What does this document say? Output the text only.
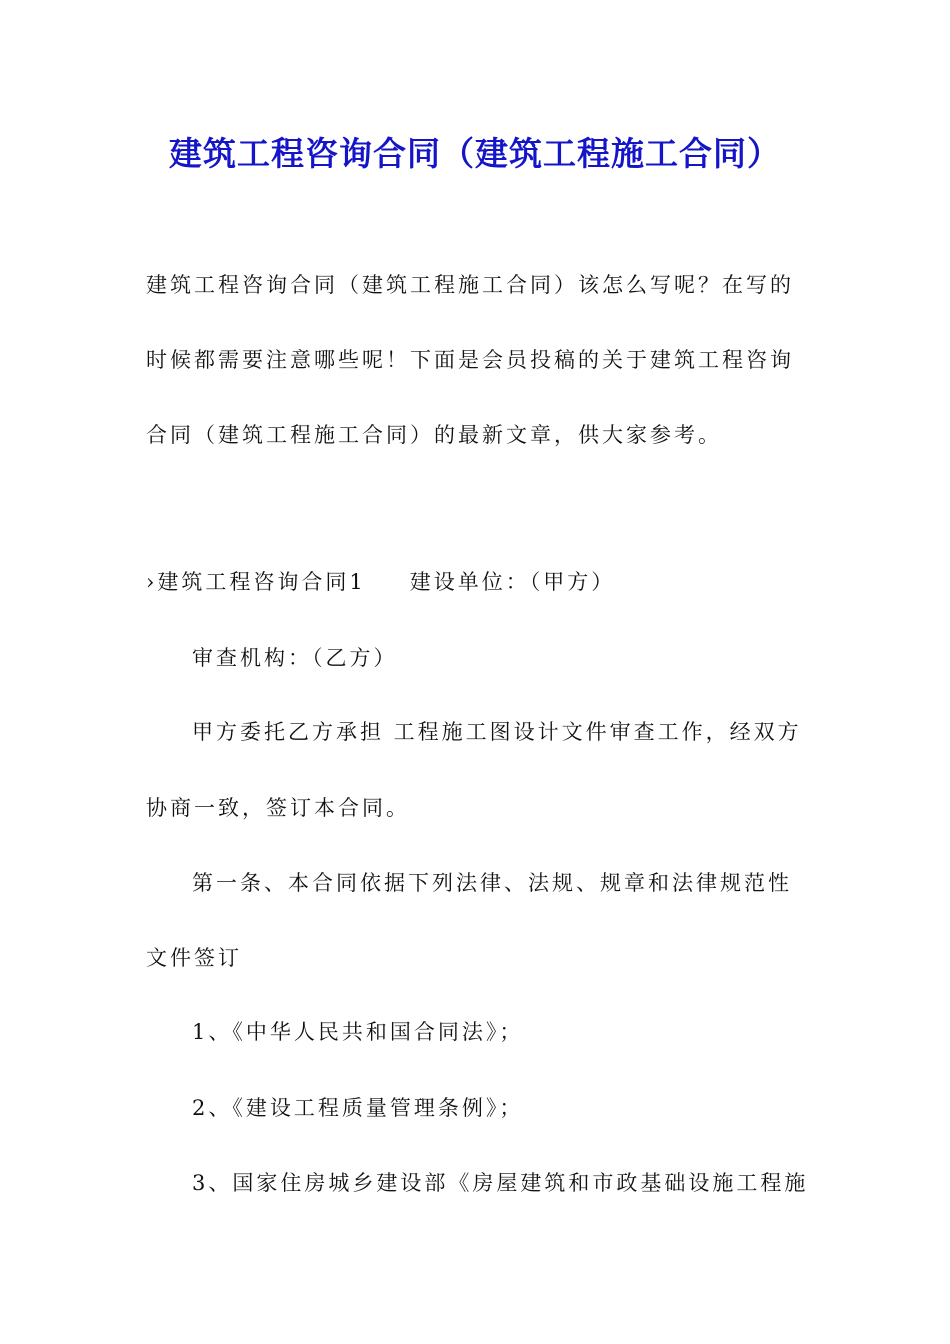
建筑工程咨询合同（建筑工程施工合同）
建筑工程咨询合同（建筑工程施工合同）该怎么写呢？在写的
时候都需要注意哪些呢！下面是会员投稿的关于建筑工程咨询
合同（建筑工程施工合同）的最新文章，供大家参考。
›建筑工程咨询合同1 建设单位：（甲方）
审查机构：（乙方）
甲方委托乙方承担 工程施工图设计文件审查工作，经双方
协商一致，签订本合同。
第一条、本合同依据下列法律、法规、规章和法律规范性
文件签订
1、《中华人民共和国合同法》；
2、《建设工程质量管理条例》；
3、国家住房城乡建设部《房屋建筑和市政基础设施工程施
